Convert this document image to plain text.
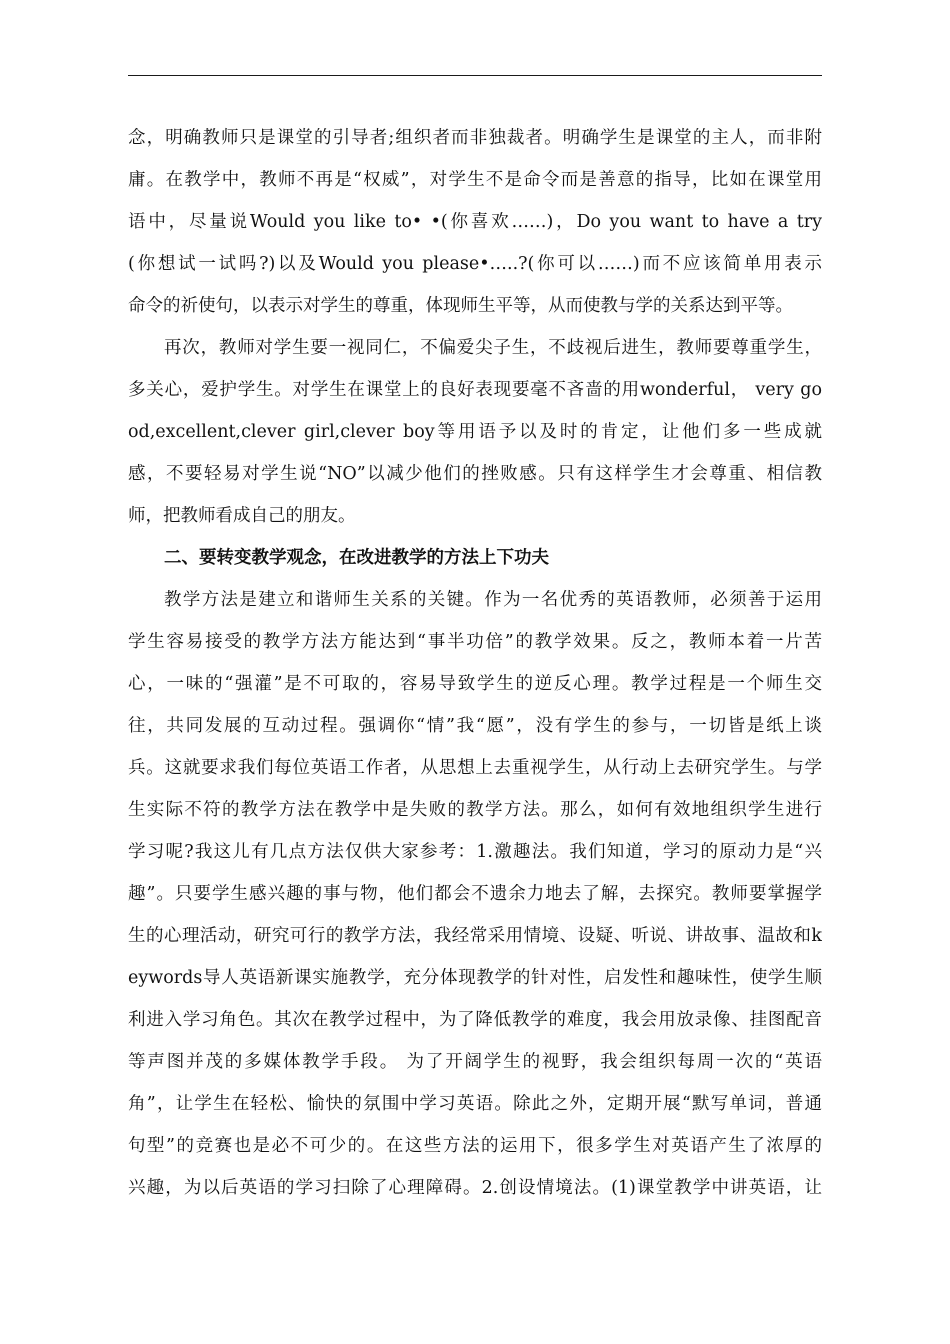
念，明确教师只是课堂的引导者;组织者而非独裁者。明确学生是课堂的主人，而非附
庸。在教学中，教师不再是“权威”，对学生不是命令而是善意的指导，比如在课堂用
语中，尽量说Would you like to• •(你喜欢……)，Do you want to have a try
(你想试一试吗?)以及Would you please•…..?(你可以……)而不应该简单用表示
命令的祈使句，以表示对学生的尊重，体现师生平等，从而使教与学的关系达到平等。

再次，教师对学生要一视同仁，不偏爱尖子生，不歧视后进生，教师要尊重学生，
多关心，爱护学生。对学生在课堂上的良好表现要毫不吝啬的用wonderful， very go
od,excellent,clever girl,clever boy等用语予以及时的肯定，让他们多一些成就
感，不要轻易对学生说“NO”以减少他们的挫败感。只有这样学生才会尊重、相信教
师，把教师看成自己的朋友。

二、要转变教学观念，在改进教学的方法上下功夫

教学方法是建立和谐师生关系的关键。作为一名优秀的英语教师，必须善于运用
学生容易接受的教学方法方能达到“事半功倍”的教学效果。反之，教师本着一片苦
心，一味的“强灌”是不可取的，容易导致学生的逆反心理。教学过程是一个师生交
往，共同发展的互动过程。强调你“情”我“愿”，没有学生的参与，一切皆是纸上谈
兵。这就要求我们每位英语工作者，从思想上去重视学生，从行动上去研究学生。与学
生实际不符的教学方法在教学中是失败的教学方法。那么，如何有效地组织学生进行
学习呢?我这儿有几点方法仅供大家参考：1.激趣法。我们知道，学习的原动力是“兴
趣”。只要学生感兴趣的事与物，他们都会不遗余力地去了解，去探究。教师要掌握学
生的心理活动，研究可行的教学方法，我经常采用情境、设疑、听说、讲故事、温故和k
eywords导人英语新课实施教学，充分体现教学的针对性，启发性和趣味性，使学生顺
利进入学习角色。其次在教学过程中，为了降低教学的难度，我会用放录像、挂图配音
等声图并茂的多媒体教学手段。 为了开阔学生的视野，我会组织每周一次的“英语
角”，让学生在轻松、愉快的氛围中学习英语。除此之外，定期开展“默写单词，普通
句型”的竞赛也是必不可少的。在这些方法的运用下，很多学生对英语产生了浓厚的
兴趣，为以后英语的学习扫除了心理障碍。2.创设情境法。(1)课堂教学中讲英语，让
